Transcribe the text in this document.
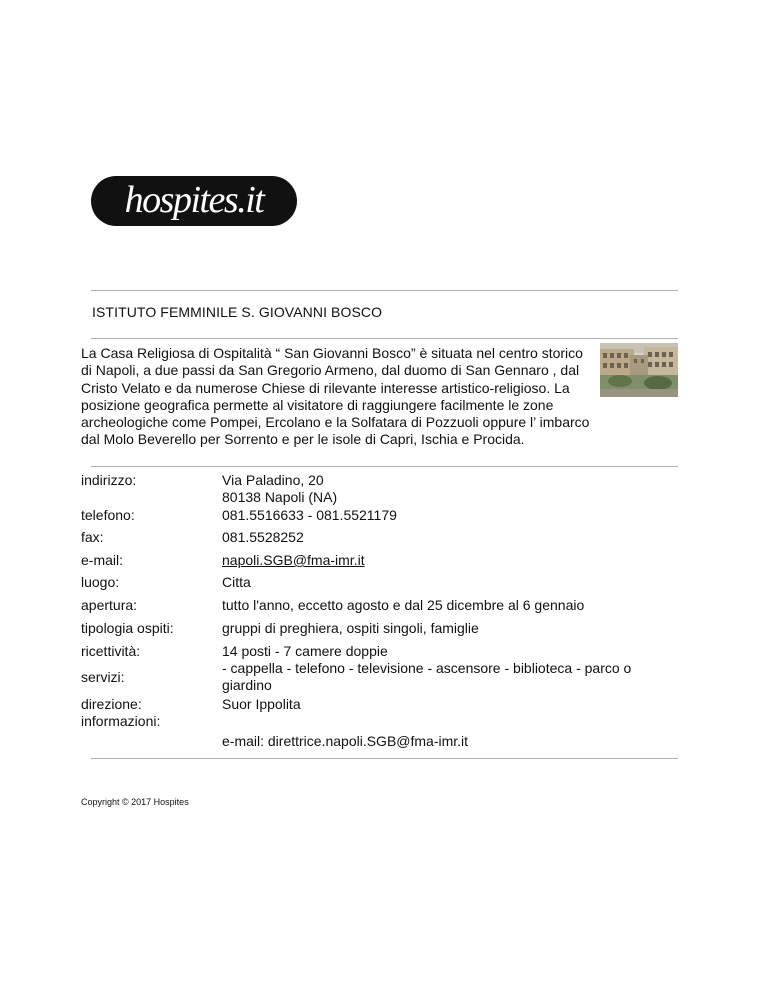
hospites.it
ISTITUTO FEMMINILE S. GIOVANNI BOSCO
La Casa Religiosa di Ospitalità “ San Giovanni Bosco” è situata nel centro storico di Napoli, a due passi da San Gregorio Armeno, dal duomo di San Gennaro , dal Cristo Velato e da numerose Chiese di rilevante interesse artistico-religioso. La posizione geografica permette al visitatore di raggiungere facilmente le zone archeologiche come Pompei, Ercolano e la Solfatara di Pozzuoli oppure l’ imbarco dal Molo Beverello per Sorrento e per le isole di Capri, Ischia e Procida.
indirizzo:	Via Paladino, 20
80138 Napoli (NA)
telefono:	081.5516633 - 081.5521179
fax:	081.5528252
e-mail:	napoli.SGB@fma-imr.it
luogo:	Citta
apertura:	tutto l'anno, eccetto agosto e dal 25 dicembre al 6 gennaio
tipologia ospiti:	gruppi di preghiera, ospiti singoli, famiglie
ricettività:	14 posti - 7 camere doppie
servizi:
- cappella - telefono - televisione - ascensore - biblioteca - parco o giardino
direzione:	Suor Ippolita
informazioni:
e-mail: direttrice.napoli.SGB@fma-imr.it
Copyright © 2017 Hospites
